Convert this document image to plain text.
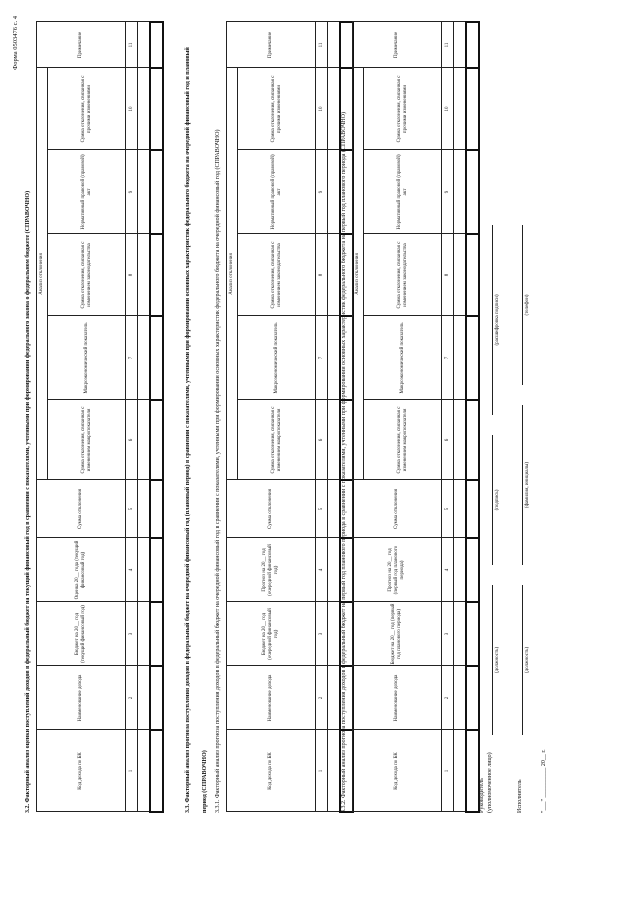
Форма 0503476 с. 4
3.2. Факторный анализ оценки поступлений доходов в федеральный бюджет на текущий финансовый год в сравнении с показателями, учтенными при формировании федерального закона о федеральном бюджете (СПРАВОЧНО)	Код дохода по БК	Наименование дохода	Бюджет на 20__ год (текущий финансовый год)	Оценка 20__ года (текущий финансовый год)	Сумма отклонения	Анализ отклонения					Примечание
					Сумма отклонения, связанная с изменением макропоказателя	Макроэкономический показатель	Сумма отклонения, связанная с изменением законодательства	Нормативный правовой (правовой) акт	Сумма отклонения, связанная с прочими изменениями	
1	2	3	4	5	6	7	8	9	10	11

3.3. Факторный анализ прогноза поступления доходов в федеральный бюджет на очередной финансовый год (плановый период) в сравнении с показателями, учтенными при формировании основных характеристик федерального бюджета на очередной финансовый год и плановый период (СПРАВОЧНО) 3.3.1. Факторный анализ прогноза поступления доходов в федеральный бюджет на очередной финансовый год в сравнении с показателями, учтенными при формировании основных характеристик федерального бюджета на очередной финансовый год (СПРАВОЧНО)	Код дохода по БК	Наименование дохода	Бюджет на 20__ год (очередной финансовый год)	Прогноз на 20__ год (очередной финансовый год)	Сумма отклонения	Анализ отклонения					Примечание
					Сумма отклонения, связанная с изменением макропоказателя	Макроэкономический показатель	Сумма отклонения, связанная с изменением законодательства	Нормативный правовой (правовой) акт	Сумма отклонения, связанная с прочими изменениями	
1	2	3	4	5	6	7	8	9	10	11

3.3.2. Факторный анализ прогноза поступления доходов в федеральный бюджет на первый год планового периода в сравнении с показателями, учтенными при формировании основных характеристик федерального бюджета на первый год планового периода (СПРАВОЧНО)	Код дохода по БК	Наименование дохода	Бюджет на 20__ год (первый год планового периода)	Прогноз на 20__ год (первый год планового периода)	Сумма отклонения	Анализ отклонения					Примечание
					Сумма отклонения, связанная с изменением макропоказателя	Макроэкономический показатель	Сумма отклонения, связанная с изменением законодательства	Нормативный правовой (правовой) акт	Сумма отклонения, связанная с прочими изменениями	
1	2	3	4	5	6	7	8	9	10	11

Руководитель (уполномоченное лицо)
(должность)
(подпись)
(расшифровка подписи)
Исполнитель
(должность)
(фамилия, инициалы)
(телефон)
"___" __________ 20__ г.
